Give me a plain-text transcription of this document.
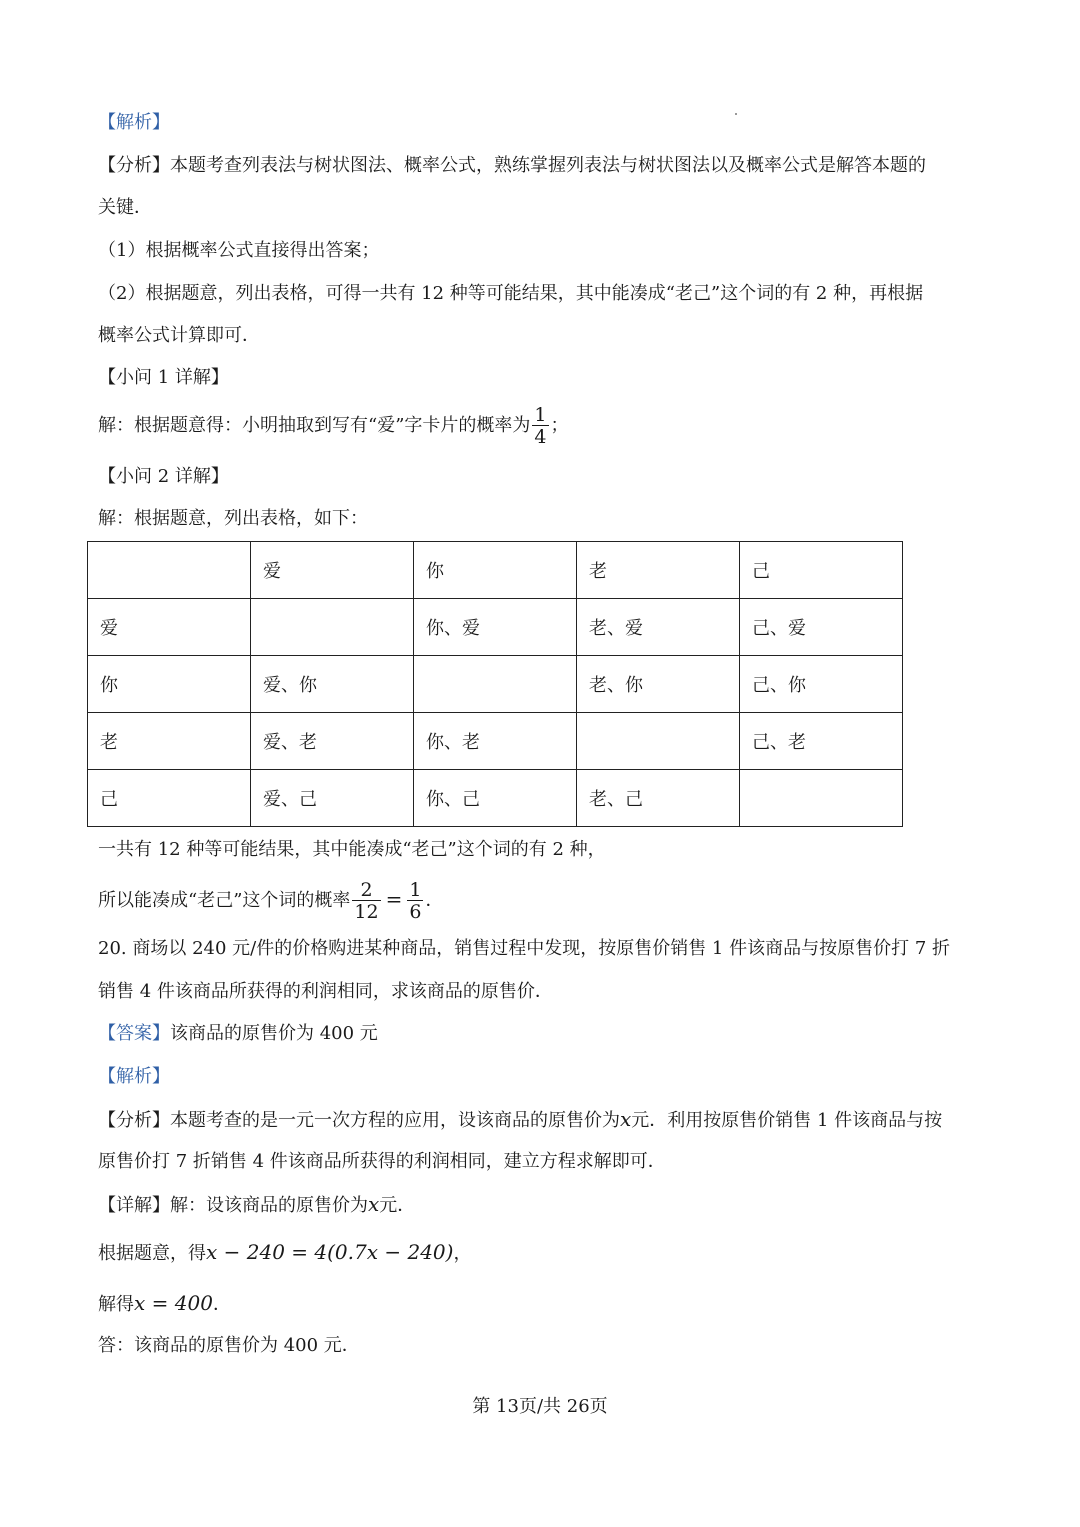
【解析】
【分析】本题考查列表法与树状图法、概率公式，熟练掌握列表法与树状图法以及概率公式是解答本题的
关键．
（1）根据概率公式直接得出答案；
（2）根据题意，列出表格，可得一共有 12 种等可能结果，其中能凑成“老己”这个词的有 2 种，再根据
概率公式计算即可．
【小问 1 详解】
解：根据题意得：小明抽取到写有“爱”字卡片的概率为 $\frac{1}{4}$ ；
【小问 2 详解】
解：根据题意，列出表格，如下：
	爱	你	老	己
爱		你、爱	老、爱	己、爱
你	爱、你		老、你	己、你
老	爱、老	你、老		己、老
己	爱、己	你、己	老、己	
一共有 12 种等可能结果，其中能凑成“老己”这个词的有 2 种，
所以能凑成“老己”这个词的概率 $\frac{2}{12} = \frac{1}{6}$ ．
20. 商场以 240 元/件的价格购进某种商品，销售过程中发现，按原售价销售 1 件该商品与按原售价打 7 折
销售 4 件该商品所获得的利润相同，求该商品的原售价．
【答案】该商品的原售价为 400 元
【解析】
【分析】本题考查的是一元一次方程的应用，设该商品的原售价为x元．利用按原售价销售 1 件该商品与按
原售价打 7 折销售 4 件该商品所获得的利润相同，建立方程求解即可．
【详解】解：设该商品的原售价为x元．
根据题意，得x − 240 = 4(0.7x − 240)，
解得x = 400．
答：该商品的原售价为 400 元．
第 13页/共 26页
